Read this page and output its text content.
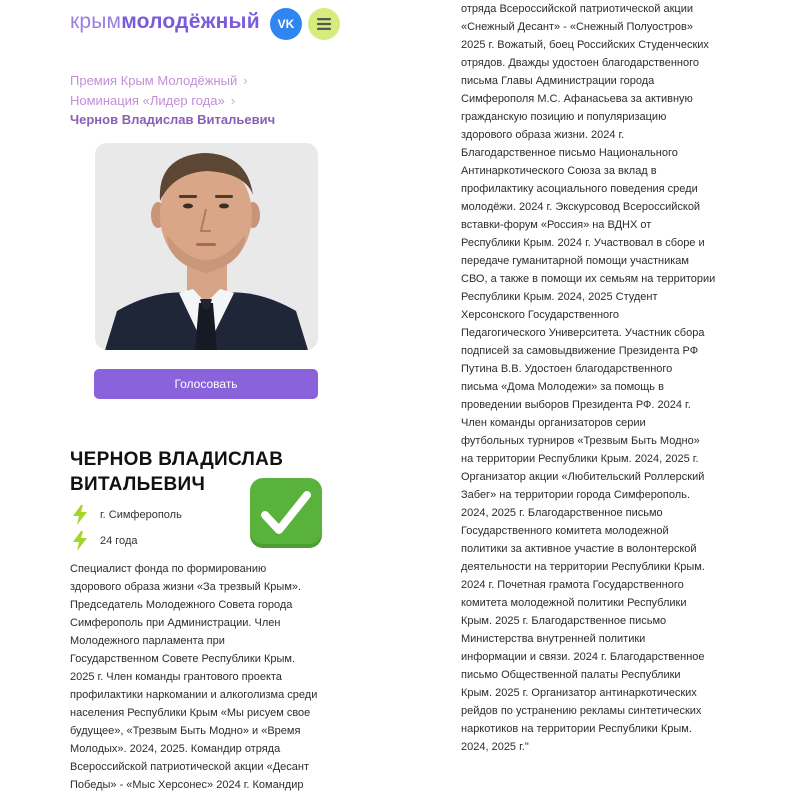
крыммолодёжный VK
Премия Крым Молодёжный ›
Номинация «Лидер года» ›
Чернов Владислав Витальевич
Голосовать
ЧЕРНОВ ВЛАДИСЛАВ
ВИТАЛЬЕВИЧ
г. Симферополь
24 года

Специалист фонда по формированию
здорового образа жизни «За трезвый Крым».
Председатель Молодежного Совета города
Симферополь при Администрации. Член
Молодежного парламента при
Государственном Совете Республики Крым.
2025 г. Член команды грантового проекта
профилактики наркомании и алкоголизма среди
населения Республики Крым «Мы рисуем свое
будущее», «Трезвым Быть Модно» и «Время
Молодых». 2024, 2025. Командир отряда
Всероссийской патриотической акции «Десант
Победы» - «Мыс Херсонес» 2024 г. Командир

отряда Всероссийской патриотической акции
«Снежный Десант» - «Снежный Полуостров»
2025 г. Вожатый, боец Российских Студенческих
отрядов. Дважды удостоен благодарственного
письма Главы Администрации города
Симферополя М.С. Афанасьева за активную
гражданскую позицию и популяризацию
здорового образа жизни. 2024 г.
Благодарственное письмо Национального
Антинаркотического Союза за вклад в
профилактику асоциального поведения среди
молодёжи. 2024 г. Экскурсовод Всероссийской
вставки-форум «Россия» на ВДНХ от
Республики Крым. 2024 г. Участвовал в сборе и
передаче гуманитарной помощи участникам
СВО, а также в помощи их семьям на территории
Республики Крым. 2024, 2025 Студент
Херсонского Государственного
Педагогического Университета. Участник сбора
подписей за самовыдвижение Президента РФ
Путина В.В. Удостоен благодарственного
письма «Дома Молодежи» за помощь в
проведении выборов Президента РФ. 2024 г.
Член команды организаторов серии
футбольных турниров «Трезвым Быть Модно»
на территории Республики Крым. 2024, 2025 г.
Организатор акции «Любительский Роллерский
Забег» на территории города Симферополь.
2024, 2025 г. Благодарственное письмо
Государственного комитета молодежной
политики за активное участие в волонтерской
деятельности на территории Республики Крым.
2024 г. Почетная грамота Государственного
комитета молодежной политики Республики
Крым. 2025 г. Благодарственное письмо
Министерства внутренней политики
информации и связи. 2024 г. Благодарственное
письмо Общественной палаты Республики
Крым. 2025 г. Организатор антинаркотических
рейдов по устранению рекламы синтетических
наркотиков на территории Республики Крым.
2024, 2025 г."
